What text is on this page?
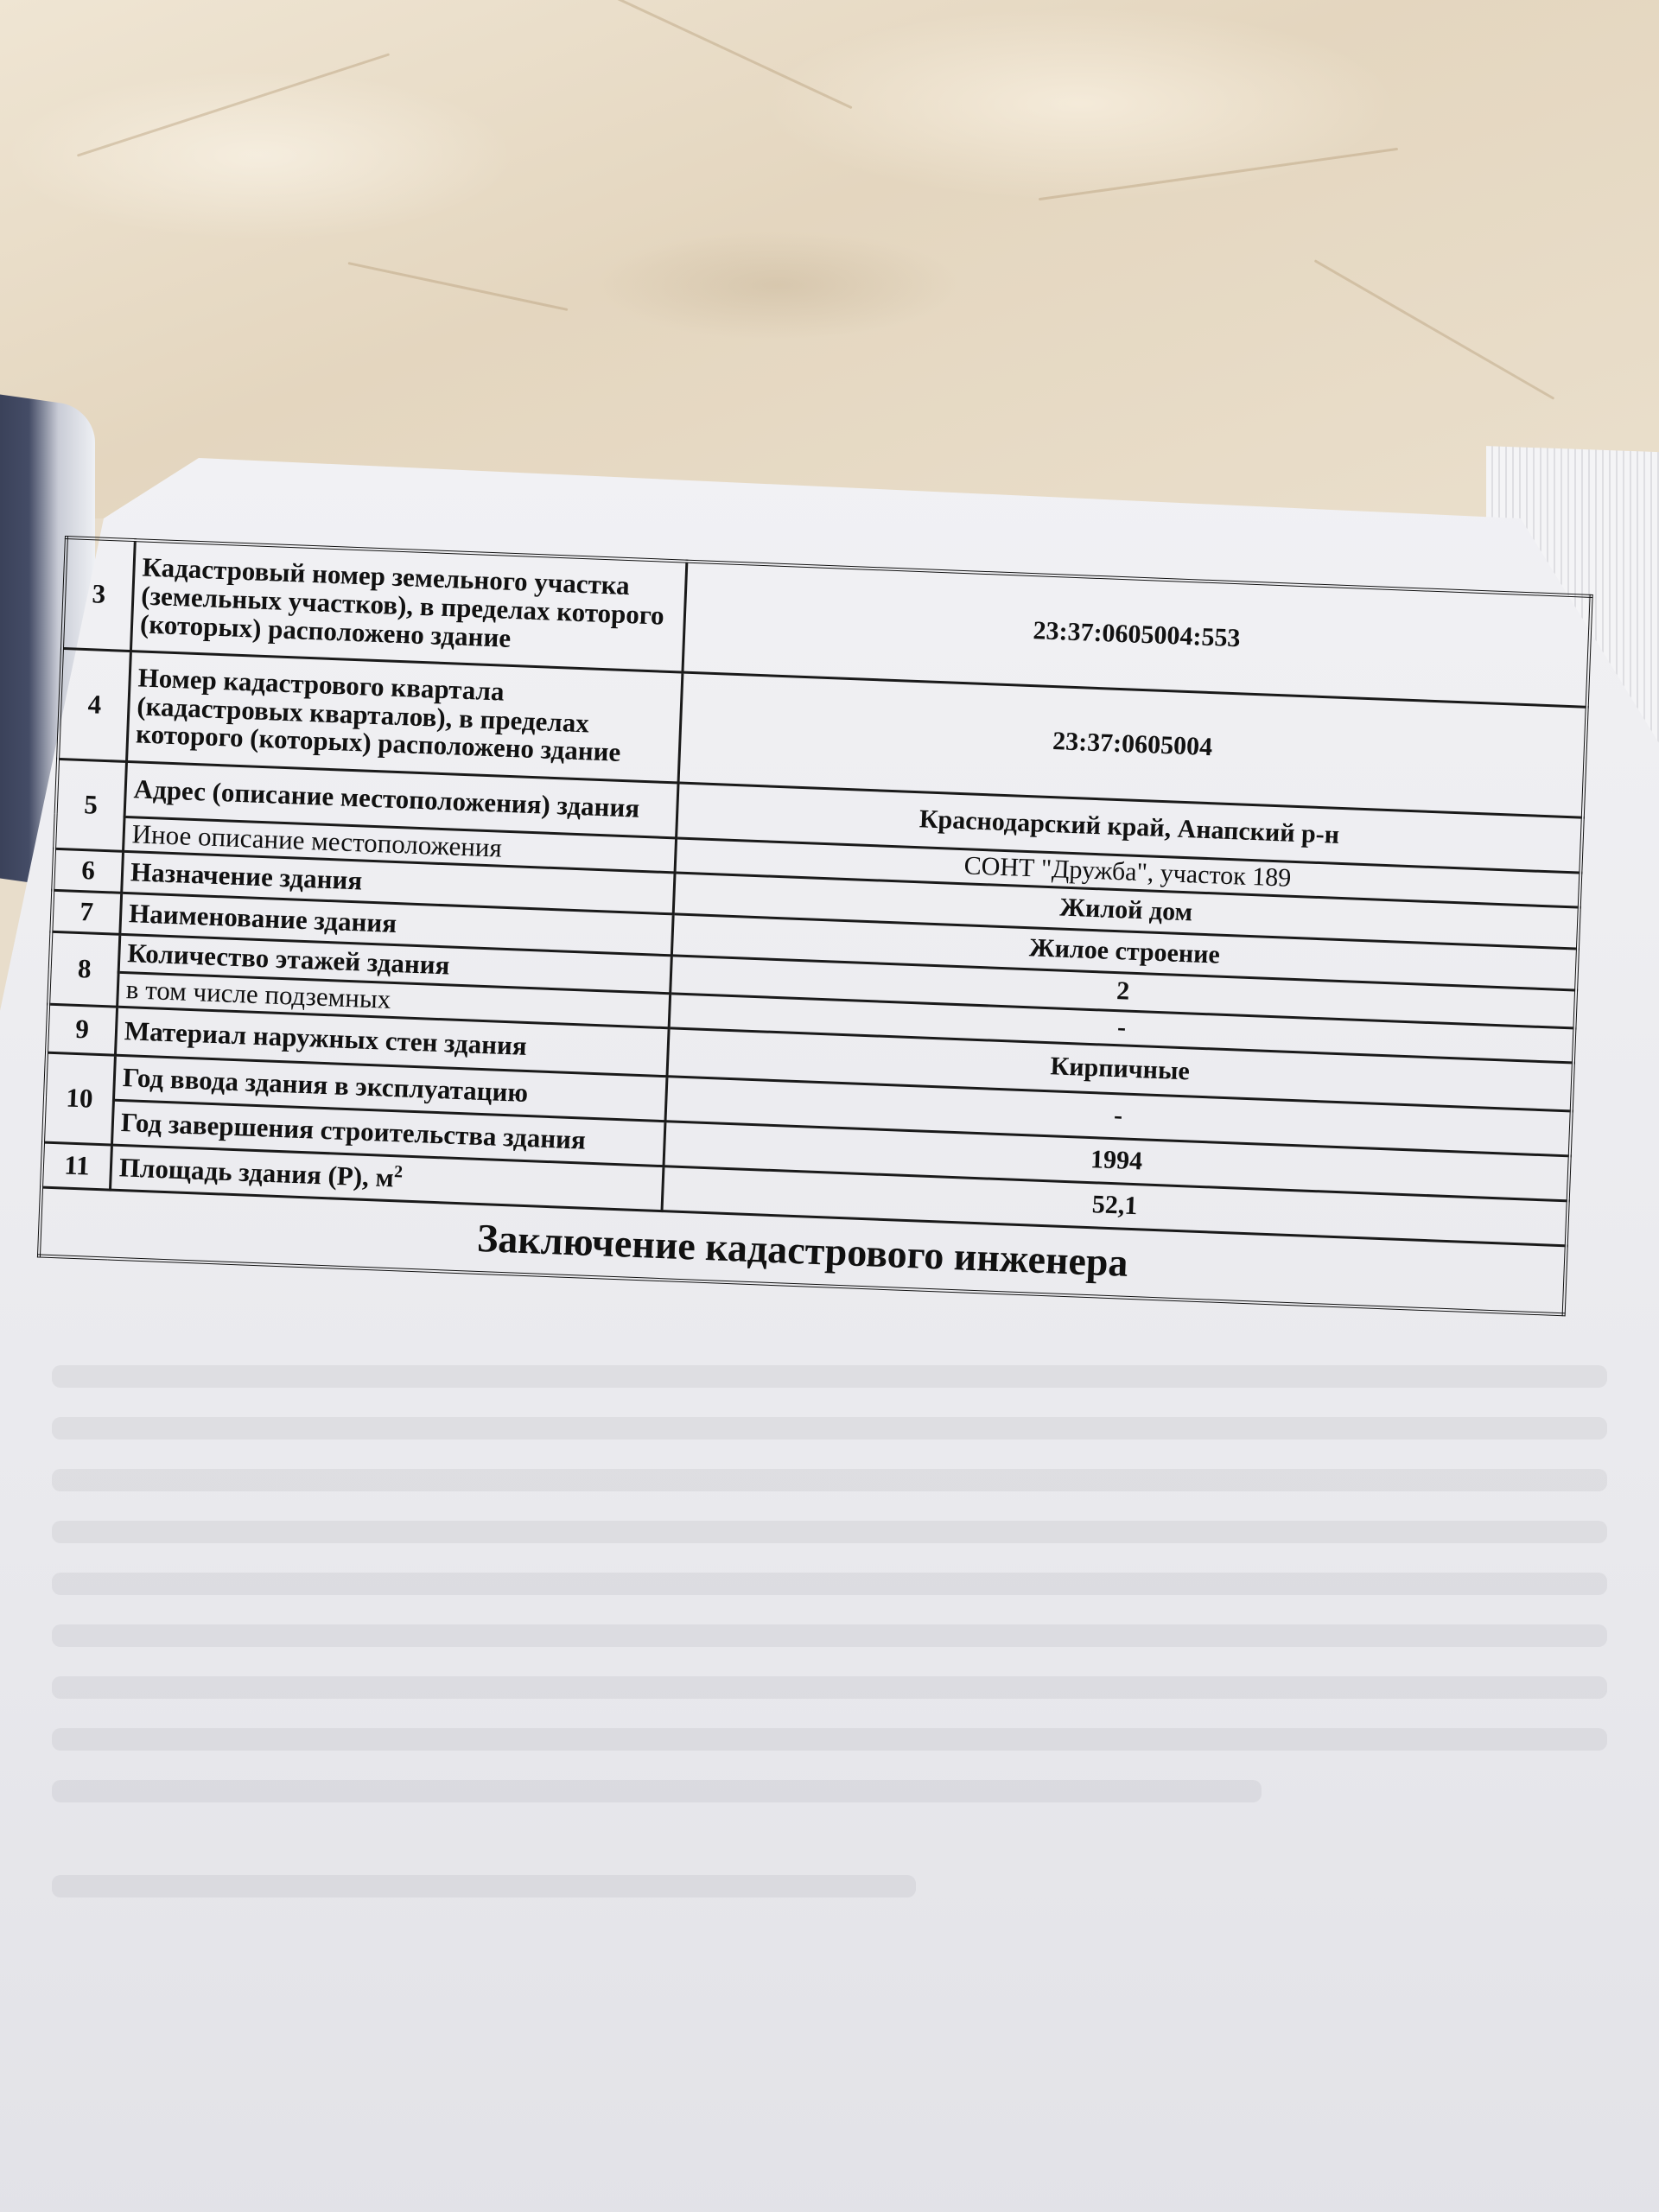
3	Кадастровый номер земельного участка (земельных участков), в пределах которого (которых) расположено здание	23:37:0605004:553
4	Номер кадастрового квартала (кадастровых кварталов), в пределах которого (которых) расположено здание	23:37:0605004
5	Адрес (описание местоположения) здания	Краснодарский край, Анапский р-н
	Иное описание местоположения	СОНТ "Дружба", участок 189
6	Назначение здания	Жилой дом
7	Наименование здания	Жилое строение
8	Количество этажей здания	2
	в том числе подземных	-
9	Материал наружных стен здания	Кирпичные
10	Год ввода здания в эксплуатацию	-
	Год завершения строительства здания	1994
11	Площадь здания (Р), $м^2$	52,1
Заключение кадастрового инженера		
